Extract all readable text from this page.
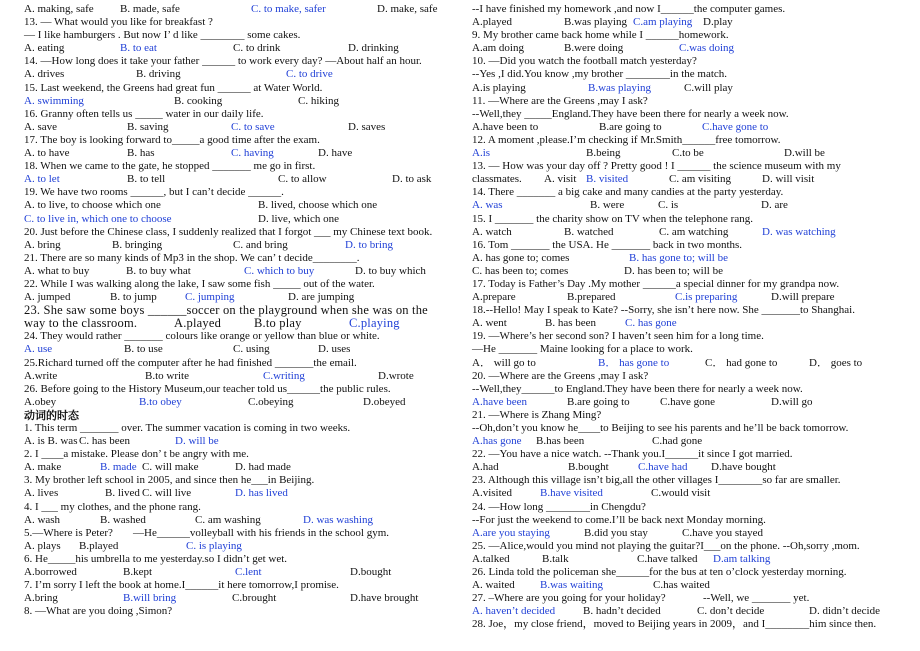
A. making, safe B. made, safe	C. to make, safer	D. make, safe
13. — What would you like for breakfast ?
— I like hamburgers . But now I’ d like ________ some cakes.
A. eating	B. to eat	C. to drink	D. drinking
14. —How long does it take your father ______ to work every day? —About half an hour.
A. drives	B. driving	C. to drive
15. Last weekend, the Greens had great fun ______ at Water World.
A. swimming	B. cooking	C. hiking
16. Granny often tells us _____ water in our daily life.
A. save	B. saving	C. to save	D. saves
17. The boy is looking forward to_____a good time after the exam.
A. to have	B. has	C. having	D. have
18. When we came to the gate, he stopped _______ me go in first.
A. to let	B. to tell	C. to allow	D. to ask
19. We have two rooms ______, but I can’t decide ______.
A. to live, to choose which one	B. lived, choose which one
C. to live in, which one to choose	D. live, which one
20. Just before the Chinese class, I suddenly realized that I forgot ___ my Chinese text book.
A. bring	B. bringing	C. and bring	D. to bring
21. There are so many kinds of Mp3 in the shop. We can’ t decide________.
A. what to buy	B. to buy what	C. which to buy	D. to buy which
22. While I was walking along the lake, I saw some fish _____ out of the water.
A. jumped	B. to jump	C. jumping	D. are jumping
23. She saw some boys ______soccer on the playground when she was on the
way to the classroom.	A.played	B.to play	C.playing
24. They would rather _______ colours like orange or yellow than blue or white.
A. use	B. to use	C. using	D. uses
25.Richard turned off the computer after he had finished _______the email.
A.write	B.to write	C.writing	D.wrote
26. Before going to the History Museum,our teacher told us______the public rules.
A.obey	B.to obey	C.obeying	D.obeyed
动词的时态
1. This term _______ over. The summer vacation is coming in two weeks.
A. is B. was C. has been	D. will be
2. I ____a mistake. Please don’ t be angry with me.
A. make	B. made C. will make	D. had made
3. My brother left school in 2005, and since then he___in Beijing.
A. lives	B. lived C. will live	D. has lived
4. I ___ my clothes, and the phone rang.
A. wash	B. washed	C. am washing	D. was washing
5.—Where is Peter? —He______volleyball with his friends in the school gym.
A. plays B.played	C. is playing
6. He_____his umbrella to me yesterday.so I didn’t get wet.
A.borrowed	B.kept	C.lent	D.bought
7. I’m sorry I left the book at home.I______it here tomorrow,I promise.
A.bring	B.will bring	C.brought	D.have brought
8. —What are you doing ,Simon?
--I have finished my homework ,and now I______the computer games.
A.played	B.was playing C.am playing D.play
9. My brother came back home while I ______homework.
A.am doing	B.were doing	C.was doing
10. —Did you watch the football match yesterday?
--Yes ,I did.You know ,my brother ________in the match.
A.is playing	B.was playing	C.will play
11. —Where are the Greens ,may I ask?
--Well,they _____England.They have been there for nearly a week now.
A.have been to	B.are going to	C.have gone to
12. A moment ,please.I’m checking if Mr.Smith______free tomorrow.
A.is	B.being	C.to be	D.will be
13. — How was your day off ? Pretty good ! I ______ the science museum with my
classmates. A. visit B. visited	C. am visiting	D. will visit
14. There _______ a big cake and many candies at the party yesterday.
A. was	B. were	C. is	D. are
15. I _______ the charity show on TV when the telephone rang.
A. watch	B. watched	C. am watching	D. was watching
16. Tom _______ the USA. He _______ back in two months.
A. has gone to; comes	B. has gone to; will be
C. has been to; comes	D. has been to; will be
17. Today is Father’s Day .My mother ______a special dinner for my grandpa now.
A.prepare	B.prepared	C.is preparing	D.will prepare
18.--Hello! May I speak to Kate? --Sorry, she isn’t here now. She _______to Shanghai.
A. went	B. has been	C. has gone
19. —Where’s her second son? I haven’t seen him for a long time.
—He _______ Maine looking for a place to work.
A． will go to	B． has gone to	C． had gone to	D． goes to
20. —Where are the Greens ,may I ask?
--Well,they______to England.They have been there for nearly a week now.
A.have been	B.are going to	C.have gone	D.will go
21. —Where is Zhang Ming?
--Oh,don’t you know he____to Beijing to see his parents and he’ll be back tomorrow.
A.has gone B.has been	C.had gone
22. —You have a nice watch. --Thank you.I______it since I got married.
A.had	B.bought	C.have had D.have bought
23. Although this village isn’t big,all the other villages I________so far are smaller.
A.visited	B.have visited	C.would visit
24. —How long ________in Chengdu?
--For just the weekend to come.I’ll be back next Monday morning.
A.are you staying	B.did you stay	C.have you stayed
25. —Alice,would you mind not playing the guitar?I___on the phone. --Oh,sorry ,mom.
A.talked	B.talk	C.have talked D.am talking
26. Linda told the policeman she______for the bus at ten o’clock yesterday morning.
A. waited B.was waiting	C.has waited
27. –Where are you going for your holiday?	--Well, we _______ yet.
A. haven’t decided	B. hadn’t decided	C. don’t decide	D. didn’t decide
28. Joe，my close friend，moved to Beijing years in 2009，and I________him since then.
